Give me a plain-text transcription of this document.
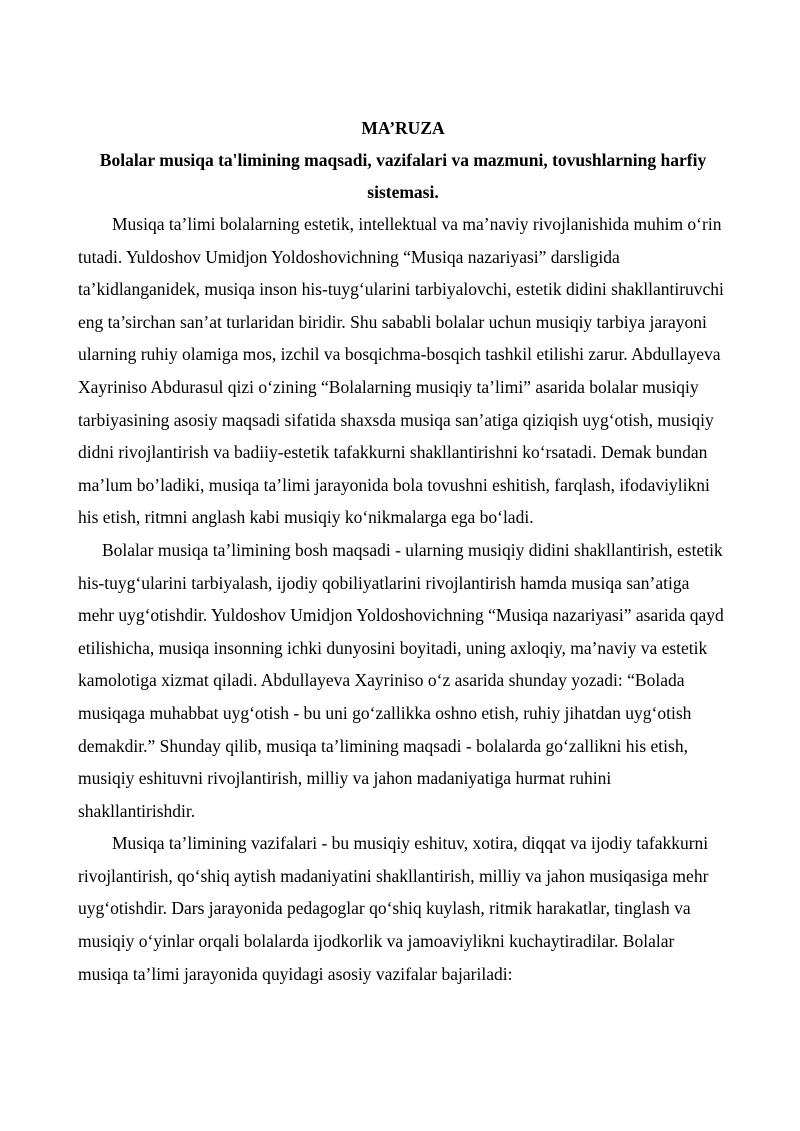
MA’RUZA
Bolalar musiqa ta'limining maqsadi, vazifalari va mazmuni, tovushlarning harfiy sistemasi.

Musiqa ta’limi bolalarning estetik, intellektual va ma’naviy rivojlanishida muhim o‘rin tutadi. Yuldoshov Umidjon Yoldoshovichning “Musiqa nazariyasi” darsligida ta’kidlanganidek, musiqa inson his-tuyg‘ularini tarbiyalovchi, estetik didini shakllantiruvchi eng ta’sirchan san’at turlaridan biridir. Shu sababli bolalar uchun musiqiy tarbiya jarayoni ularning ruhiy olamiga mos, izchil va bosqichma-bosqich tashkil etilishi zarur. Abdullayeva Xayriniso Abdurasul qizi o‘zining “Bolalarning musiqiy ta’limi” asarida bolalar musiqiy tarbiyasining asosiy maqsadi sifatida shaxsda musiqa san’atiga qiziqish uyg‘otish, musiqiy didni rivojlantirish va badiiy-estetik tafakkurni shakllantirishni ko‘rsatadi. Demak bundan ma’lum bo’ladiki, musiqa ta’limi jarayonida bola tovushni eshitish, farqlash, ifodaviylikni his etish, ritmni anglash kabi musiqiy ko‘nikmalarga ega bo‘ladi.

Bolalar musiqa ta’limining bosh maqsadi - ularning musiqiy didini shakllantirish, estetik his-tuyg‘ularini tarbiyalash, ijodiy qobiliyatlarini rivojlantirish hamda musiqa san’atiga mehr uyg‘otishdir. Yuldoshov Umidjon Yoldoshovichning “Musiqa nazariyasi” asarida qayd etilishicha, musiqa insonning ichki dunyosini boyitadi, uning axloqiy, ma’naviy va estetik kamolotiga xizmat qiladi. Abdullayeva Xayriniso o‘z asarida shunday yozadi: “Bolada musiqaga muhabbat uyg‘otish - bu uni go‘zallikka oshno etish, ruhiy jihatdan uyg‘otish demakdir.” Shunday qilib, musiqa ta’limining maqsadi - bolalarda go‘zallikni his etish, musiqiy eshituvni rivojlantirish, milliy va jahon madaniyatiga hurmat ruhini shakllantirishdir.

Musiqa ta’limining vazifalari - bu musiqiy eshituv, xotira, diqqat va ijodiy tafakkurni rivojlantirish, qo‘shiq aytish madaniyatini shakllantirish, milliy va jahon musiqasiga mehr uyg‘otishdir. Dars jarayonida pedagoglar qo‘shiq kuylash, ritmik harakatlar, tinglash va musiqiy o‘yinlar orqali bolalarda ijodkorlik va jamoaviylikni kuchaytiradilar. Bolalar musiqa ta’limi jarayonida quyidagi asosiy vazifalar bajariladi:
